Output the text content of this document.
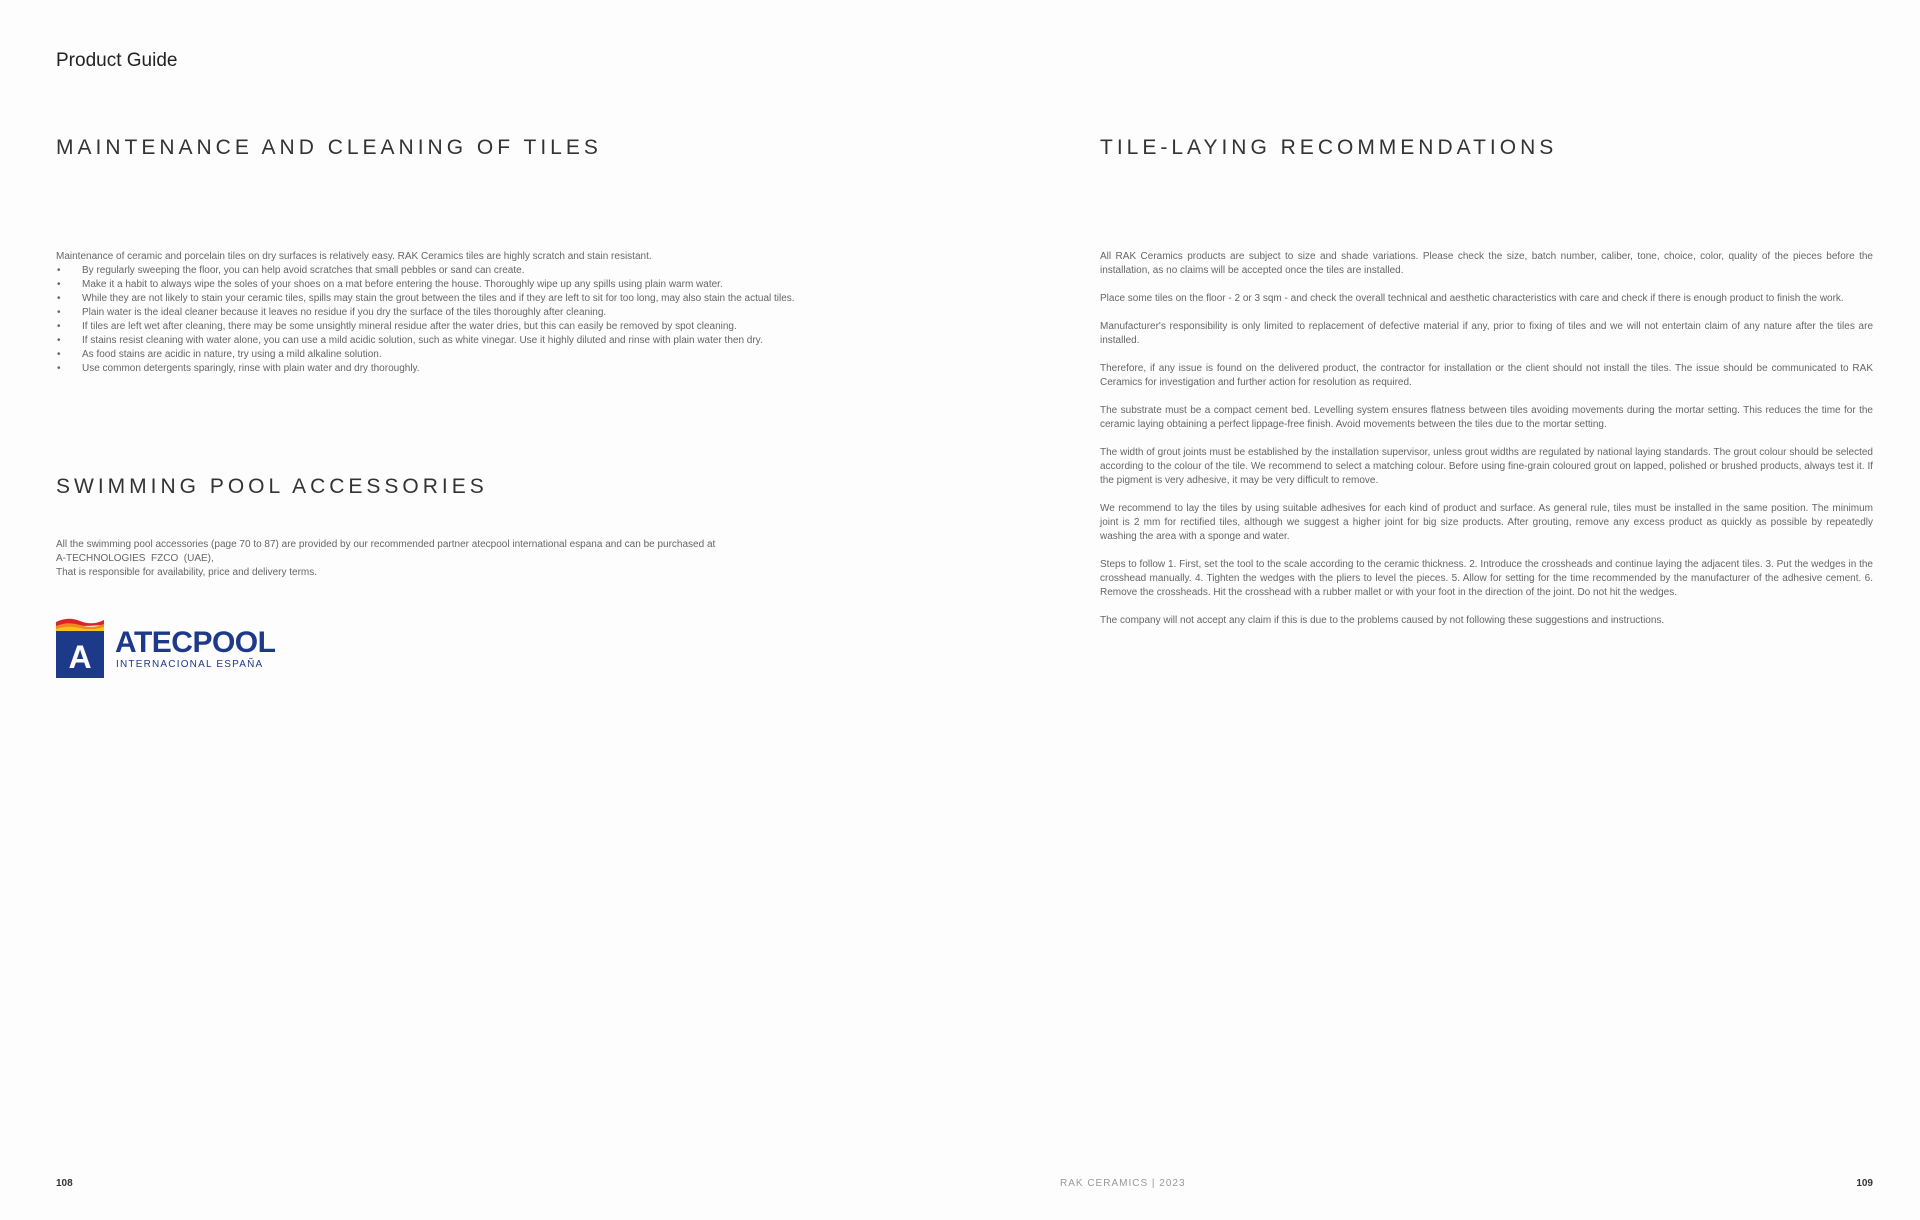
Product Guide
MAINTENANCE AND CLEANING OF TILES
Maintenance of ceramic and porcelain tiles on dry surfaces is relatively easy. RAK Ceramics tiles are highly scratch and stain resistant.
• By regularly sweeping the floor, you can help avoid scratches that small pebbles or sand can create.
• Make it a habit to always wipe the soles of your shoes on a mat before entering the house. Thoroughly wipe up any spills using plain warm water.
• While they are not likely to stain your ceramic tiles, spills may stain the grout between the tiles and if they are left to sit for too long, may also stain the actual tiles.
• Plain water is the ideal cleaner because it leaves no residue if you dry the surface of the tiles thoroughly after cleaning.
• If tiles are left wet after cleaning, there may be some unsightly mineral residue after the water dries, but this can easily be removed by spot cleaning.
• If stains resist cleaning with water alone, you can use a mild acidic solution, such as white vinegar. Use it highly diluted and rinse with plain water then dry.
• As food stains are acidic in nature, try using a mild alkaline solution.
• Use common detergents sparingly, rinse with plain water and dry thoroughly.
SWIMMING POOL ACCESSORIES
All the swimming pool accessories (page 70 to 87) are provided by our recommended partner atecpool international espana and can be purchased at
A-TECHNOLOGIES  FZCO  (UAE),
That is responsible for availability, price and delivery terms.
A ATECPOOL
INTERNACIONAL ESPAÑA
TILE-LAYING RECOMMENDATIONS

All RAK Ceramics products are subject to size and shade variations. Please check the size, batch number, caliber, tone, choice, color, quality of the pieces before the installation, as no claims will be accepted once the tiles are installed.

Place some tiles on the floor - 2 or 3 sqm - and check the overall technical and aesthetic characteristics with care and check if there is enough product to finish the work.

Manufacturer's responsibility is only limited to replacement of defective material if any, prior to fixing of tiles and we will not entertain claim of any nature after the tiles are installed.

Therefore, if any issue is found on the delivered product, the contractor for installation or the client should not install the tiles. The issue should be communicated to RAK Ceramics for investigation and further action for resolution as required.

The substrate must be a compact cement bed. Levelling system ensures flatness between tiles avoiding movements during the mortar setting. This reduces the time for the ceramic laying obtaining a perfect lippage-free finish. Avoid movements between the tiles due to the mortar setting.

The width of grout joints must be established by the installation supervisor, unless grout widths are regulated by national laying standards. The grout colour should be selected according to the colour of the tile. We recommend to select a matching colour. Before using fine-grain coloured grout on lapped, polished or brushed products, always test it. If the pigment is very adhesive, it may be very difficult to remove.

We recommend to lay the tiles by using suitable adhesives for each kind of product and surface. As general rule, tiles must be installed in the same position. The minimum joint is 2 mm for rectified tiles, although we suggest a higher joint for big size products. After grouting, remove any excess product as quickly as possible by repeatedly washing the area with a sponge and water.

Steps to follow 1. First, set the tool to the scale according to the ceramic thickness. 2. Introduce the crossheads and continue laying the adjacent tiles. 3. Put the wedges in the crosshead manually. 4. Tighten the wedges with the pliers to level the pieces. 5. Allow for setting for the time recommended by the manufacturer of the adhesive cement. 6. Remove the crossheads. Hit the crosshead with a rubber mallet or with your foot in the direction of the joint. Do not hit the wedges.

The company will not accept any claim if this is due to the problems caused by not following these suggestions and instructions.

108	RAK CERAMICS | 2023	109
